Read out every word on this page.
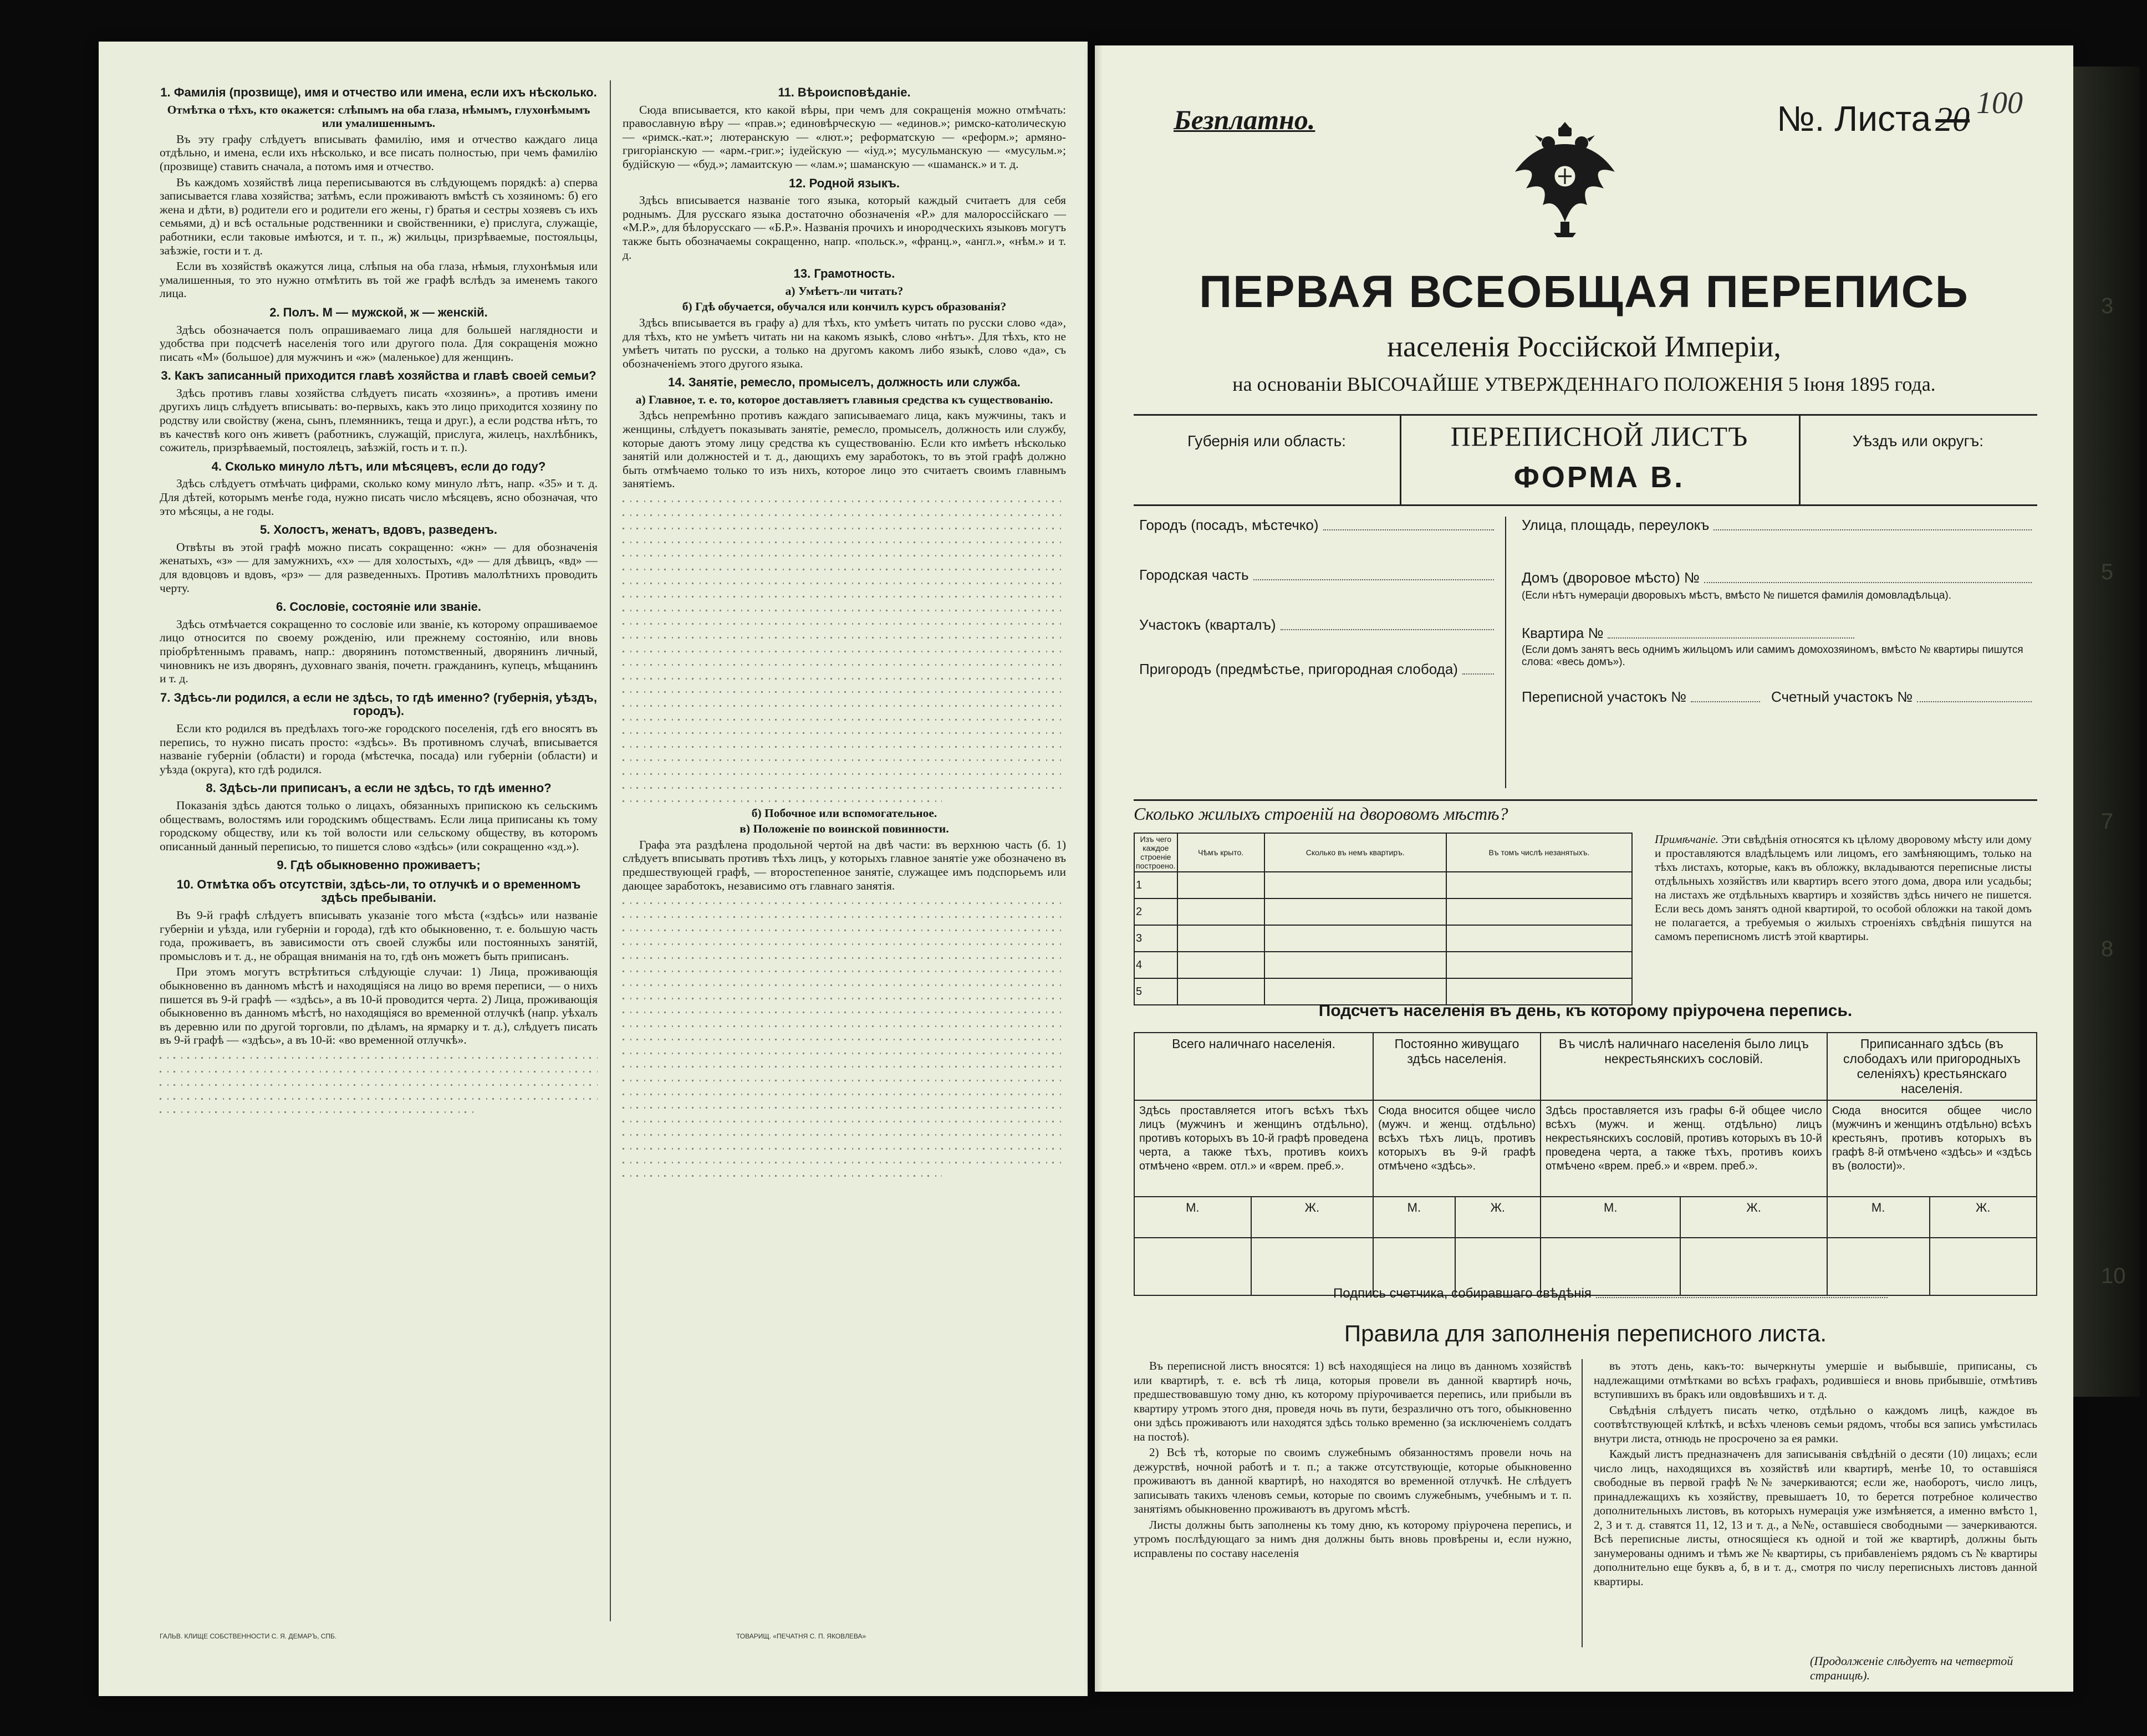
1. Фамилія (прозвище), имя и отчество или имена, если ихъ нѣсколько.

Отмѣтка о тѣхъ, кто окажется: слѣпымъ на оба глаза, нѣмымъ, глухонѣмымъ или умалишеннымъ.

Въ эту графу слѣдуетъ вписывать фамилію, имя и отчество каждаго лица отдѣльно, и имена, если ихъ нѣсколько, и все писать полностью, при чемъ фамилію (прозвище) ставить сначала, а потомъ имя и отчество.

Въ каждомъ хозяйствѣ лица переписываются въ слѣдующемъ порядкѣ: а) сперва записывается глава хозяйства; затѣмъ, если проживаютъ вмѣстѣ съ хозяиномъ: б) его жена и дѣти, в) родители его и родители его жены, г) братья и сестры хозяевъ съ ихъ семьями, д) и всѣ остальные родственники и свойственники, е) прислуга, служащіе, работники, если таковые имѣются, и т. п., ж) жильцы, призрѣваемые, постояльцы, заѣзжіе, гости и т. д.

Если въ хозяйствѣ окажутся лица, слѣпыя на оба глаза, нѣмыя, глухонѣмыя или умалишенныя, то это нужно отмѣтить въ той же графѣ вслѣдъ за именемъ такого лица.

2. Полъ. М — мужской, ж — женскій.

Здѣсь обозначается полъ опрашиваемаго лица для большей наглядности и удобства при подсчетѣ населенія того или другого пола. Для сокращенія можно писать «М» (большое) для мужчинъ и «ж» (маленькое) для женщинъ.

3. Какъ записанный приходится главѣ хозяйства и главѣ своей семьи?

Здѣсь противъ главы хозяйства слѣдуетъ писать «хозяинъ», а противъ имени другихъ лицъ слѣдуетъ вписывать: во-первыхъ, какъ это лицо приходится хозяину по родству или свойству (жена, сынъ, племянникъ, теща и друг.), а если родства нѣтъ, то въ качествѣ кого онъ живетъ (работникъ, служащій, прислуга, жилецъ, нахлѣбникъ, сожитель, призрѣваемый, постоялецъ, заѣзжій, гость и т. п.).

4. Сколько минуло лѣтъ, или мѣсяцевъ, если до году?

Здѣсь слѣдуетъ отмѣчать цифрами, сколько кому минуло лѣтъ, напр. «35» и т. д. Для дѣтей, которымъ менѣе года, нужно писать число мѣсяцевъ, ясно обозначая, что это мѣсяцы, а не годы.

5. Холостъ, женатъ, вдовъ, разведенъ.

Отвѣты въ этой графѣ можно писать сокращенно: «жн» — для обозначенія женатыхъ, «з» — для замужнихъ, «х» — для холостыхъ, «д» — для дѣвицъ, «вд» — для вдовцовъ и вдовъ, «рз» — для разведенныхъ. Противъ малолѣтнихъ проводить черту.

6. Сословіе, состояніе или званіе.

Здѣсь отмѣчается сокращенно то сословіе или званіе, къ которому опрашиваемое лицо относится по своему рожденію, или прежнему состоянію, или вновь пріобрѣтеннымъ правамъ, напр.: дворянинъ потомственный, дворянинъ личный, чиновникъ не изъ дворянъ, духовнаго званія, почетн. гражданинъ, купецъ, мѣщанинъ и т. д.

7. Здѣсь-ли родился, а если не здѣсь, то гдѣ именно? (губернія, уѣздъ, городъ).

Если кто родился въ предѣлахъ того-же городского поселенія, гдѣ его вносятъ въ перепись, то нужно писать просто: «здѣсь». Въ противномъ случаѣ, вписывается названіе губерніи (области) и города (мѣстечка, посада) или губерніи (области) и уѣзда (округа), кто гдѣ родился.

8. Здѣсь-ли приписанъ, а если не здѣсь, то гдѣ именно?

Показанія здѣсь даются только о лицахъ, обязанныхъ припискою къ сельскимъ обществамъ, волостямъ или городскимъ обществамъ. Если лица приписаны къ тому городскому обществу, или къ той волости или сельскому обществу, въ которомъ описанный данный переписью, то пишется слово «здѣсь» (или сокращенно «зд.»).

9. Гдѣ обыкновенно проживаетъ;
10. Отмѣтка объ отсутствіи, здѣсь-ли, то отлучкѣ и о временномъ здѣсь пребываніи.

Въ 9-й графѣ слѣдуетъ вписывать указаніе того мѣста («здѣсь» или названіе губерніи и уѣзда, или губерніи и города), гдѣ кто обыкновенно, т. е. большую часть года, проживаетъ, въ зависимости отъ своей службы или постоянныхъ занятій, промысловъ и т. д., не обращая вниманія на то, гдѣ онъ можетъ быть приписанъ.

При этомъ могутъ встрѣтиться слѣдующіе случаи: 1) Лица, проживающія обыкновенно въ данномъ мѣстѣ и находящіяся на лицо во время переписи, — о нихъ пишется въ 9-й графѣ — «здѣсь», а въ 10-й проводится черта. 2) Лица, проживающія обыкновенно въ данномъ мѣстѣ, но находящіяся во временной отлучкѣ (напр. уѣхалъ въ деревню или по другой торговли, по дѣламъ, на ярмарку и т. д.), слѣдуетъ писать въ 9-й графѣ — «здѣсь», а въ 10-й: «во временной отлучкѣ».

11. Вѣроисповѣданіе.

Сюда вписывается, кто какой вѣры, при чемъ для сокращенія можно отмѣчать: православную вѣру — «прав.»; единовѣрческую — «единов.»; римско-католическую — «римск.-кат.»; лютеранскую — «лют.»; реформатскую — «реформ.»; армяно-григоріанскую — «арм.-григ.»; іудейскую — «іуд.»; мусульманскую — «мусульм.»; будійскую — «буд.»; ламаитскую — «лам.»; шаманскую — «шаманск.» и т. д.

12. Родной языкъ.

Здѣсь вписывается названіе того языка, который каждый считаетъ для себя роднымъ. Для русскаго языка достаточно обозначенія «Р.» для малороссійскаго — «М.Р.», для бѣлорусскаго — «Б.Р.». Названія прочихъ и инородческихъ языковъ могутъ также быть обозначаемы сокращенно, напр. «польск.», «франц.», «англ.», «нѣм.» и т. д.

13. Грамотность.

а) Умѣетъ-ли читать?

б) Гдѣ обучается, обучался или кончилъ курсъ образованія?

Здѣсь вписывается въ графу а) для тѣхъ, кто умѣетъ читать по русски слово «да», для тѣхъ, кто не умѣетъ читать ни на какомъ языкѣ, слово «нѣтъ». Для тѣхъ, кто не умѣетъ читать по русски, а только на другомъ какомъ либо языкѣ, слово «да», съ обозначеніемъ этого другого языка.

14. Занятіе, ремесло, промыселъ, должность или служба.

а) Главное, т. е. то, которое доставляетъ главныя средства къ существованію.

Здѣсь непремѣнно противъ каждаго записываемаго лица, какъ мужчины, такъ и женщины, слѣдуетъ показывать занятіе, ремесло, промыселъ, должность или службу, которые даютъ этому лицу средства къ существованію. Если кто имѣетъ нѣсколько занятій или должностей и т. д., дающихъ ему заработокъ, то въ этой графѣ должно быть отмѣчаемо только то изъ нихъ, которое лицо это считаетъ своимъ главнымъ занятіемъ.

б) Побочное или вспомогательное.

в) Положеніе по воинской повинности.

Графа эта раздѣлена продольной чертой на двѣ части: въ верхнюю часть (б. 1) слѣдуетъ вписывать противъ тѣхъ лицъ, у которыхъ главное занятіе уже обозначено въ предшествующей графѣ, — второстепенное занятіе, служащее имъ подспорьемъ или дающее заработокъ, независимо отъ главнаго занятія.

ГАЛЬВ. КЛИЩЕ СОБСТВЕННОСТИ С. Я. ДЕМАРЪ, СПБ.	ТОВАРИЩ. «ПЕЧАТНЯ С. П. ЯКОВЛЕВА»
Безплатно.	№. Листа 20 100
ПЕРВАЯ ВСЕОБЩАЯ ПЕРЕПИСЬ
населенія Россійской Имперіи,
на основаніи ВЫСОЧАЙШЕ УТВЕРЖДЕННАГО ПОЛОЖЕНІЯ 5 Іюня 1895 года.
Губернія или область:	ПЕРЕПИСНОЙ ЛИСТЪ
ФОРМА В.
Уѣздъ или округъ:
Городъ (посадъ, мѣстечко)
Городская часть
Участокъ (кварталъ)
Пригородъ (предмѣстье, пригородная слобода)
Улица, площадь, переулокъ
Домъ (дворовое мѣсто) №
(Если нѣтъ нумераціи дворовыхъ мѣстъ, вмѣсто № пишется фамилія домовладѣльца).
Квартира №
(Если домъ занятъ весь однимъ жильцомъ или самимъ домохозяиномъ, вмѣсто № квартиры пишутся слова: «весь домъ»).
Переписной участокъ №	Счетный участокъ №
Сколько жилыхъ строеній на дворовомъ мѣстѣ?
Изъ чего каждое строеніе построено.	Чѣмъ крыто.	Сколько въ немъ квартиръ.	Въ томъ числѣ незанятыхъ.
1			
2			
3			
4			
5			
Примѣчаніе. Эти свѣдѣнія относятся къ цѣлому дворовому мѣсту или дому и проставляются владѣльцемъ или лицомъ, его замѣняющимъ, только на тѣхъ листахъ, которые, какъ въ обложку, вкладываются переписные листы отдѣльныхъ хозяйствъ или квартиръ всего этого дома, двора или усадьбы; на листахъ же отдѣльныхъ квартиръ и хозяйствъ здѣсь ничего не пишется. Если весь домъ занятъ одной квартирой, то особой обложки на такой домъ не полагается, а требуемыя о жилыхъ строеніяхъ свѣдѣнія пишутся на самомъ переписномъ листѣ этой квартиры.
Подсчетъ населенія въ день, къ которому пріурочена перепись.
Всего наличнаго населенія.		Постоянно живущаго здѣсь населенія.		Въ числѣ наличнаго населенія было лицъ некрестьянскихъ сословій.		Приписаннаго здѣсь (въ слободахъ или пригородныхъ селеніяхъ) крестьянскаго населенія.	
Здѣсь проставляется итогъ всѣхъ тѣхъ лицъ (мужчинъ и женщинъ отдѣльно), противъ которыхъ въ 10-й графѣ проведена черта, а также тѣхъ, противъ коихъ отмѣчено «врем. отл.» и «врем. преб.».		Сюда вносится общее число (мужч. и женщ. отдѣльно) всѣхъ тѣхъ лицъ, противъ которыхъ въ 9-й графѣ отмѣчено «здѣсь».		Здѣсь проставляется изъ графы 6-й общее число всѣхъ (мужч. и женщ. отдѣльно) лицъ некрестьянскихъ сословій, противъ которыхъ въ 10-й проведена черта, а также тѣхъ, противъ коихъ отмѣчено «врем. преб.» и «врем. преб.».		Сюда вносится общее число (мужчинъ и женщинъ отдѣльно) всѣхъ крестьянъ, противъ которыхъ въ графѣ 8-й отмѣчено «здѣсь» и «здѣсь въ (волости)».	
М.	Ж.	М.	Ж.	М.	Ж.	М.	Ж.

Подпись счетчика, собиравшаго свѣдѣнія
Правила для заполненія переписного листа.

Въ переписной листъ вносятся: 1) всѣ находящіеся на лицо въ данномъ хозяйствѣ или квартирѣ, т. е. всѣ тѣ лица, которыя провели въ данной квартирѣ ночь, предшествовавшую тому дню, къ которому пріурочивается перепись, или прибыли въ квартиру утромъ этого дня, проведя ночь въ пути, безразлично отъ того, обыкновенно они здѣсь проживаютъ или находятся здѣсь только временно (за исключеніемъ солдатъ на постоѣ).

2) Всѣ тѣ, которые по своимъ служебнымъ обязанностямъ провели ночь на дежурствѣ, ночной работѣ и т. п.; а также отсутствующіе, которые обыкновенно проживаютъ въ данной квартирѣ, но находятся во временной отлучкѣ. Не слѣдуетъ записывать такихъ членовъ семьи, которые по своимъ служебнымъ, учебнымъ и т. п. занятіямъ обыкновенно проживаютъ въ другомъ мѣстѣ.

Листы должны быть заполнены къ тому дню, къ которому пріурочена перепись, и утромъ послѣдующаго за нимъ дня должны быть вновь провѣрены и, если нужно, исправлены по составу населенія

въ этотъ день, какъ-то: вычеркнуты умершіе и выбывшіе, приписаны, съ надлежащими отмѣтками во всѣхъ графахъ, родившіеся и вновь прибывшіе, отмѣтивъ вступившихъ въ бракъ или овдовѣвшихъ и т. д.

Свѣдѣнія слѣдуетъ писать четко, отдѣльно о каждомъ лицѣ, каждое въ соотвѣтствующей клѣткѣ, и всѣхъ членовъ семьи рядомъ, чтобы вся запись умѣстилась внутри листа, отнюдь не просрочено за ея рамки.

Каждый листъ предназначенъ для записыванія свѣдѣній о десяти (10) лицахъ; если число лицъ, находящихся въ хозяйствѣ или квартирѣ, менѣе 10, то оставшіяся свободные въ первой графѣ №№ зачеркиваются; если же, наоборотъ, число лицъ, принадлежащихъ къ хозяйству, превышаетъ 10, то берется потребное количество дополнительныхъ листовъ, въ которыхъ нумерація уже измѣняется, а именно вмѣсто 1, 2, 3 и т. д. ставятся 11, 12, 13 и т. д., а №№, оставшіеся свободными — зачеркиваются. Всѣ переписные листы, относящіеся къ одной и той же квартирѣ, должны быть занумерованы однимъ и тѣмъ же № квартиры, съ прибавленіемъ рядомъ съ № квартиры дополнительно еще буквъ а, б, в и т. д., смотря по числу переписныхъ листовъ данной квартиры.

(Продолженіе слѣдуетъ на четвертой страницѣ).
3
5
7
8
10
